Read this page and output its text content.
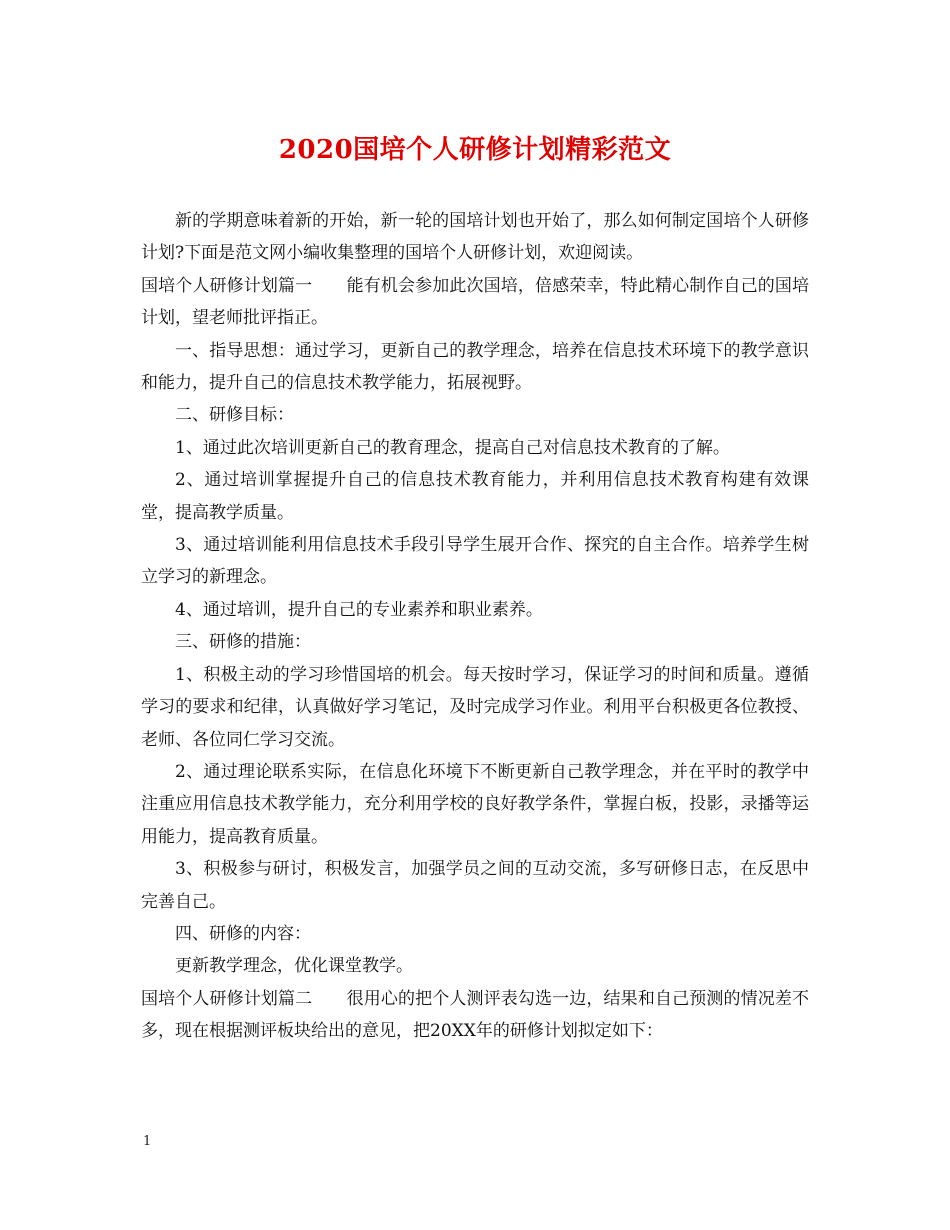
2020国培个人研修计划精彩范文

新的学期意味着新的开始，新一轮的国培计划也开始了，那么如何制定国培个人研修计划?下面是范文网小编收集整理的国培个人研修计划，欢迎阅读。

国培个人研修计划篇一　　能有机会参加此次国培，倍感荣幸，特此精心制作自己的国培计划，望老师批评指正。

一、指导思想：通过学习，更新自己的教学理念，培养在信息技术环境下的教学意识和能力，提升自己的信息技术教学能力，拓展视野。

二、研修目标：

1、通过此次培训更新自己的教育理念，提高自己对信息技术教育的了解。

2、通过培训掌握提升自己的信息技术教育能力，并利用信息技术教育构建有效课堂，提高教学质量。

3、通过培训能利用信息技术手段引导学生展开合作、探究的自主合作。培养学生树立学习的新理念。

4、通过培训，提升自己的专业素养和职业素养。

三、研修的措施：

1、积极主动的学习珍惜国培的机会。每天按时学习，保证学习的时间和质量。遵循学习的要求和纪律，认真做好学习笔记，及时完成学习作业。利用平台积极更各位教授、老师、各位同仁学习交流。

2、通过理论联系实际，在信息化环境下不断更新自己教学理念，并在平时的教学中注重应用信息技术教学能力，充分利用学校的良好教学条件，掌握白板，投影，录播等运用能力，提高教育质量。

3、积极参与研讨，积极发言，加强学员之间的互动交流，多写研修日志，在反思中完善自己。

四、研修的内容：

更新教学理念，优化课堂教学。

国培个人研修计划篇二　　很用心的把个人测评表勾选一边，结果和自己预测的情况差不多，现在根据测评板块给出的意见，把20XX年的研修计划拟定如下：

1
